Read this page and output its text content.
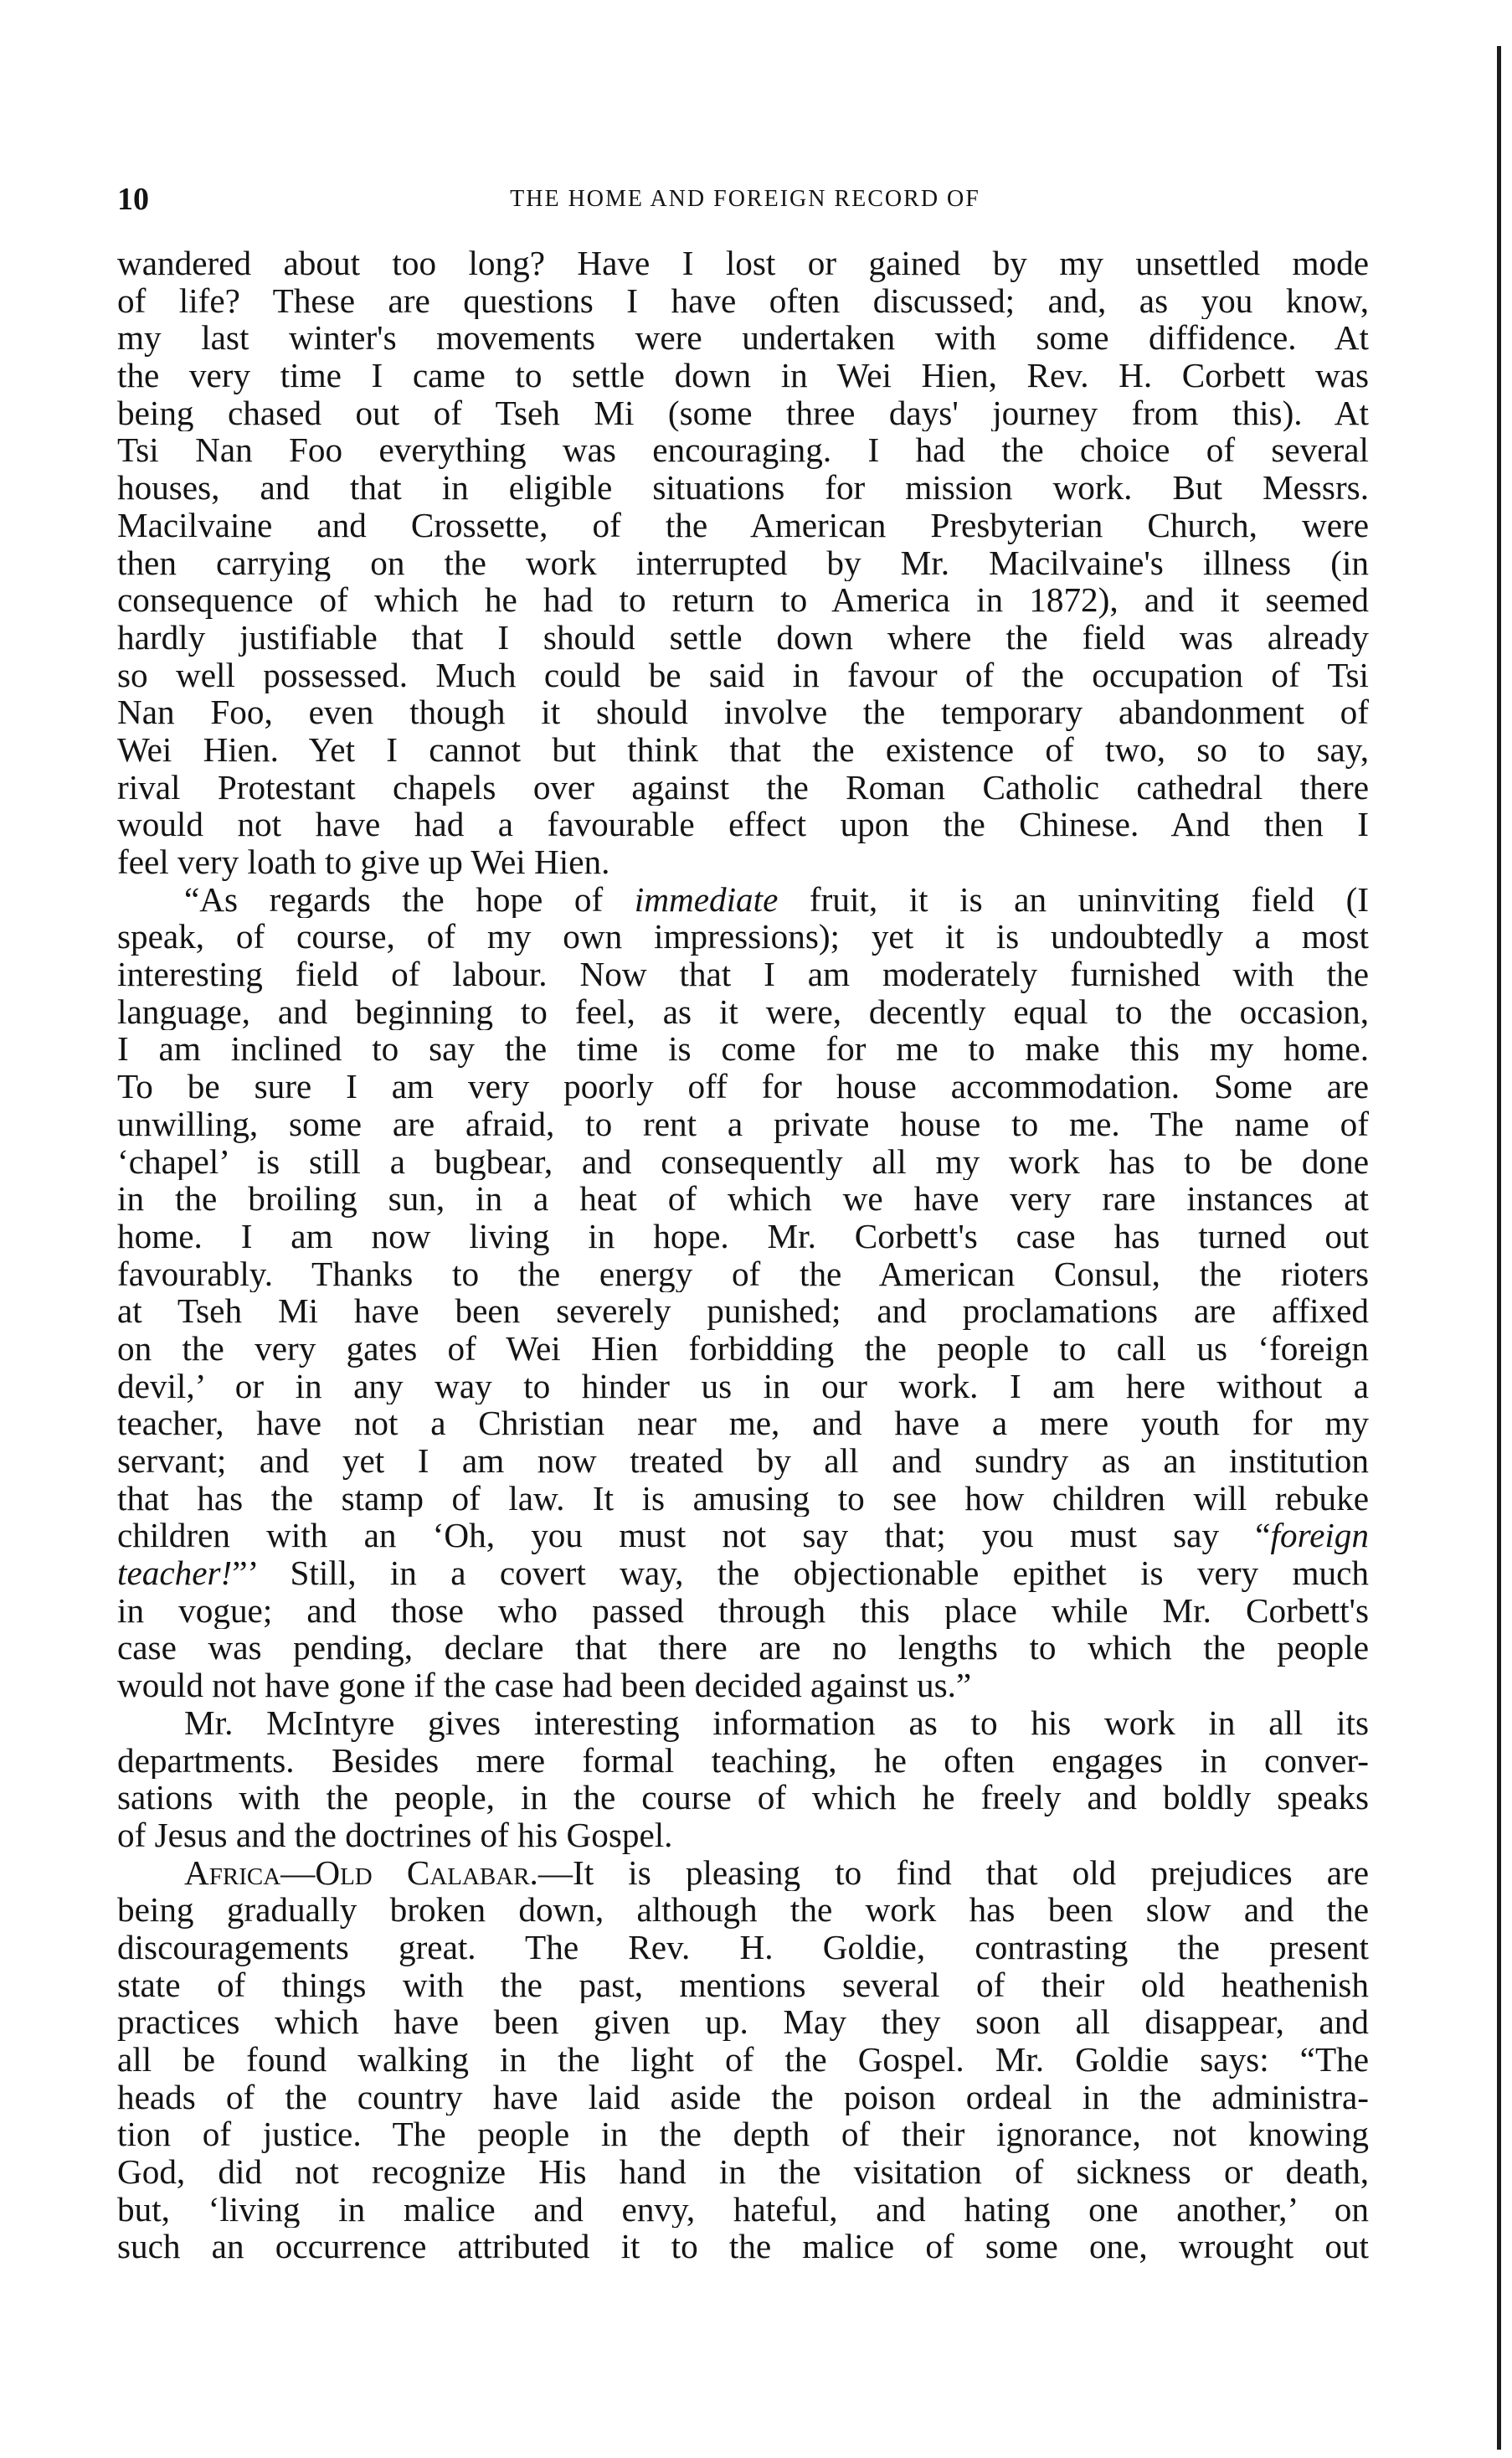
THE HOME AND FOREIGN RECORD OF
10
wandered about too long? Have I lost or gained by my unsettled mode
of life? These are questions I have often discussed; and, as you know,
my last winter's movements were undertaken with some diffidence. At
the very time I came to settle down in Wei Hien, Rev. H. Corbett was
being chased out of Tseh Mi (some three days' journey from this). At
Tsi Nan Foo everything was encouraging. I had the choice of several
houses, and that in eligible situations for mission work. But Messrs.
Macilvaine and Crossette, of the American Presbyterian Church, were
then carrying on the work interrupted by Mr. Macilvaine's illness (in
consequence of which he had to return to America in 1872), and it seemed
hardly justifiable that I should settle down where the field was already
so well possessed. Much could be said in favour of the occupation of Tsi
Nan Foo, even though it should involve the temporary abandonment of
Wei Hien. Yet I cannot but think that the existence of two, so to say,
rival Protestant chapels over against the Roman Catholic cathedral there
would not have had a favourable effect upon the Chinese. And then I
feel very loath to give up Wei Hien.
“As regards the hope of immediate fruit, it is an uninviting field (I
speak, of course, of my own impressions); yet it is undoubtedly a most
interesting field of labour. Now that I am moderately furnished with the
language, and beginning to feel, as it were, decently equal to the occasion,
I am inclined to say the time is come for me to make this my home.
To be sure I am very poorly off for house accommodation. Some are
unwilling, some are afraid, to rent a private house to me. The name of
‘chapel’ is still a bugbear, and consequently all my work has to be done
in the broiling sun, in a heat of which we have very rare instances at
home. I am now living in hope. Mr. Corbett's case has turned out
favourably. Thanks to the energy of the American Consul, the rioters
at Tseh Mi have been severely punished; and proclamations are affixed
on the very gates of Wei Hien forbidding the people to call us ‘foreign
devil,’ or in any way to hinder us in our work. I am here without a
teacher, have not a Christian near me, and have a mere youth for my
servant; and yet I am now treated by all and sundry as an institution
that has the stamp of law. It is amusing to see how children will rebuke
children with an ‘Oh, you must not say that; you must say “foreign
teacher!”’ Still, in a covert way, the objectionable epithet is very much
in vogue; and those who passed through this place while Mr. Corbett's
case was pending, declare that there are no lengths to which the people
would not have gone if the case had been decided against us.”
Mr. McIntyre gives interesting information as to his work in all its
departments. Besides mere formal teaching, he often engages in conver-
sations with the people, in the course of which he freely and boldly speaks
of Jesus and the doctrines of his Gospel.
Africa—Old Calabar.—It is pleasing to find that old prejudices are
being gradually broken down, although the work has been slow and the
discouragements great. The Rev. H. Goldie, contrasting the present
state of things with the past, mentions several of their old heathenish
practices which have been given up. May they soon all disappear, and
all be found walking in the light of the Gospel. Mr. Goldie says: “The
heads of the country have laid aside the poison ordeal in the administra-
tion of justice. The people in the depth of their ignorance, not knowing
God, did not recognize His hand in the visitation of sickness or death,
but, ‘living in malice and envy, hateful, and hating one another,’ on
such an occurrence attributed it to the malice of some one, wrought out
